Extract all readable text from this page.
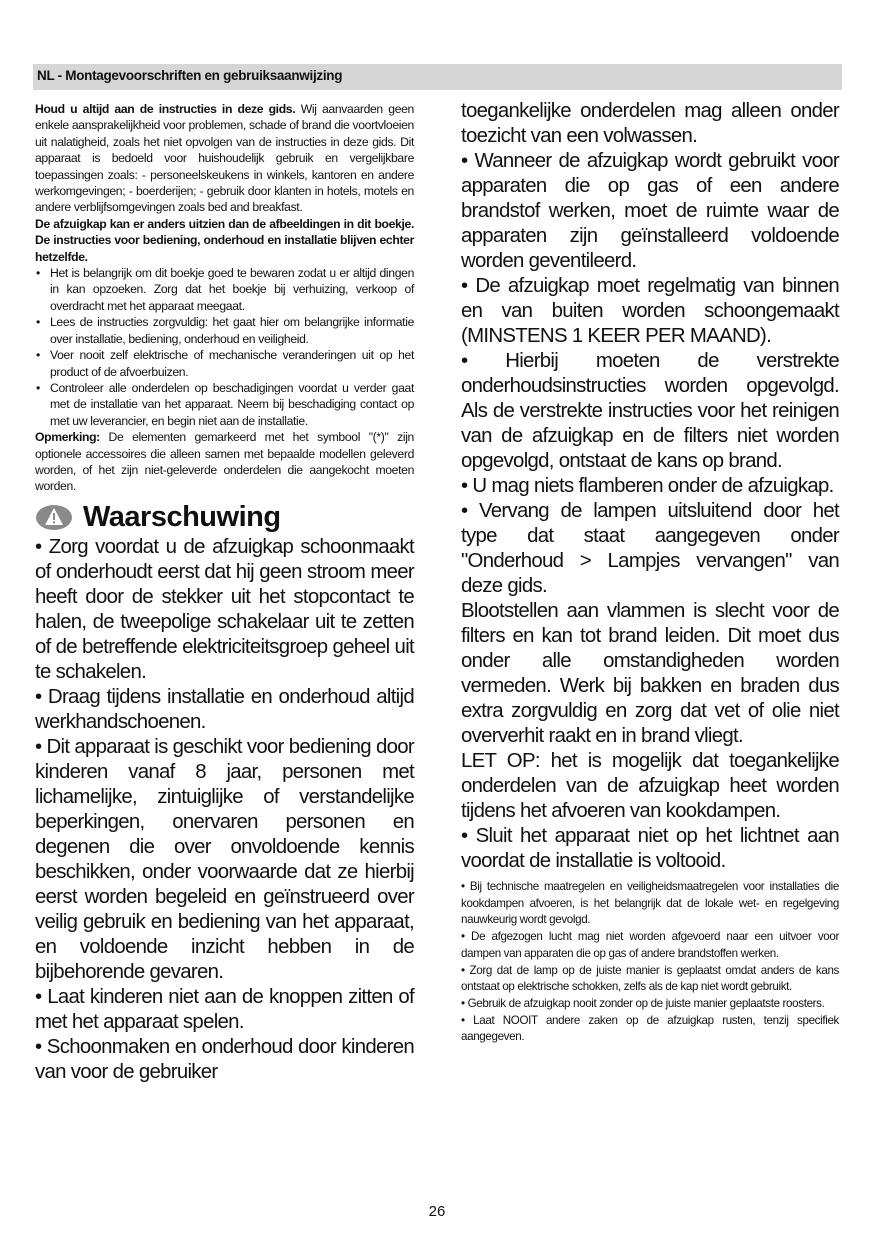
NL - Montagevoorschriften en gebruiksaanwijzing

Houd u altijd aan de instructies in deze gids. Wij aanvaarden geen enkele aansprakelijkheid voor problemen, schade of brand die voortvloeien uit nalatigheid, zoals het niet opvolgen van de instructies in deze gids. Dit apparaat is bedoeld voor huishoudelijk gebruik en vergelijkbare toepassingen zoals: - personeelskeukens in winkels, kantoren en andere werkomgevingen; - boerderijen; - gebruik door klanten in hotels, motels en andere verblijfsomgevingen zoals bed and breakfast.

De afzuigkap kan er anders uitzien dan de afbeeldingen in dit boekje. De instructies voor bediening, onderhoud en installatie blijven echter hetzelfde.

• Het is belangrijk om dit boekje goed te bewaren zodat u er altijd dingen in kan opzoeken. Zorg dat het boekje bij verhuizing, verkoop of overdracht met het apparaat meegaat.
• Lees de instructies zorgvuldig: het gaat hier om belangrijke informatie over installatie, bediening, onderhoud en veiligheid.
• Voer nooit zelf elektrische of mechanische veranderingen uit op het product of de afvoerbuizen.
• Controleer alle onderdelen op beschadigingen voordat u verder gaat met de installatie van het apparaat. Neem bij beschadiging contact op met uw leverancier, en begin niet aan de installatie.

Opmerking: De elementen gemarkeerd met het symbool "(*)" zijn optionele accessoires die alleen samen met bepaalde modellen geleverd worden, of het zijn niet-geleverde onderdelen die aangekocht moeten worden.

Waarschuwing

• Zorg voordat u de afzuigkap schoonmaakt of onderhoudt eerst dat hij geen stroom meer heeft door de stekker uit het stopcontact te halen, de tweepolige schakelaar uit te zetten of de betreffende elektriciteitsgroep geheel uit te schakelen.

• Draag tijdens installatie en onderhoud altijd werkhandschoenen.

• Dit apparaat is geschikt voor bediening door kinderen vanaf 8 jaar, personen met lichamelijke, zintuiglijke of verstandelijke beperkingen, onervaren personen en degenen die over onvoldoende kennis beschikken, onder voorwaarde dat ze hierbij eerst worden begeleid en geïnstrueerd over veilig gebruik en bediening van het apparaat, en voldoende inzicht hebben in de bijbehorende gevaren.

• Laat kinderen niet aan de knoppen zitten of met het apparaat spelen.

• Schoonmaken en onderhoud door kinderen van voor de gebruiker

toegankelijke onderdelen mag alleen onder toezicht van een volwassen.

• Wanneer de afzuigkap wordt gebruikt voor apparaten die op gas of een andere brandstof werken, moet de ruimte waar de apparaten zijn geïnstalleerd voldoende worden geventileerd.

• De afzuigkap moet regelmatig van binnen en van buiten worden schoongemaakt (MINSTENS 1 KEER PER MAAND).

• Hierbij moeten de verstrekte onderhoudsinstructies worden opgevolgd. Als de verstrekte instructies voor het reinigen van de afzuigkap en de filters niet worden opgevolgd, ontstaat de kans op brand.

• U mag niets flamberen onder de afzuigkap.

• Vervang de lampen uitsluitend door het type dat staat aangegeven onder "Onderhoud > Lampjes vervangen" van deze gids.

Blootstellen aan vlammen is slecht voor de filters en kan tot brand leiden. Dit moet dus onder alle omstandigheden worden vermeden. Werk bij bakken en braden dus extra zorgvuldig en zorg dat vet of olie niet oververhit raakt en in brand vliegt.

LET OP: het is mogelijk dat toegankelijke onderdelen van de afzuigkap heet worden tijdens het afvoeren van kookdampen.

• Sluit het apparaat niet op het lichtnet aan voordat de installatie is voltooid.

• Bij technische maatregelen en veiligheidsmaatregelen voor installaties die kookdampen afvoeren, is het belangrijk dat de lokale wet- en regelgeving nauwkeurig wordt gevolgd.

• De afgezogen lucht mag niet worden afgevoerd naar een uitvoer voor dampen van apparaten die op gas of andere brandstoffen werken.

• Zorg dat de lamp op de juiste manier is geplaatst omdat anders de kans ontstaat op elektrische schokken, zelfs als de kap niet wordt gebruikt.

• Gebruik de afzuigkap nooit zonder op de juiste manier geplaatste roosters.

• Laat NOOIT andere zaken op de afzuigkap rusten, tenzij specifiek aangegeven.

26
